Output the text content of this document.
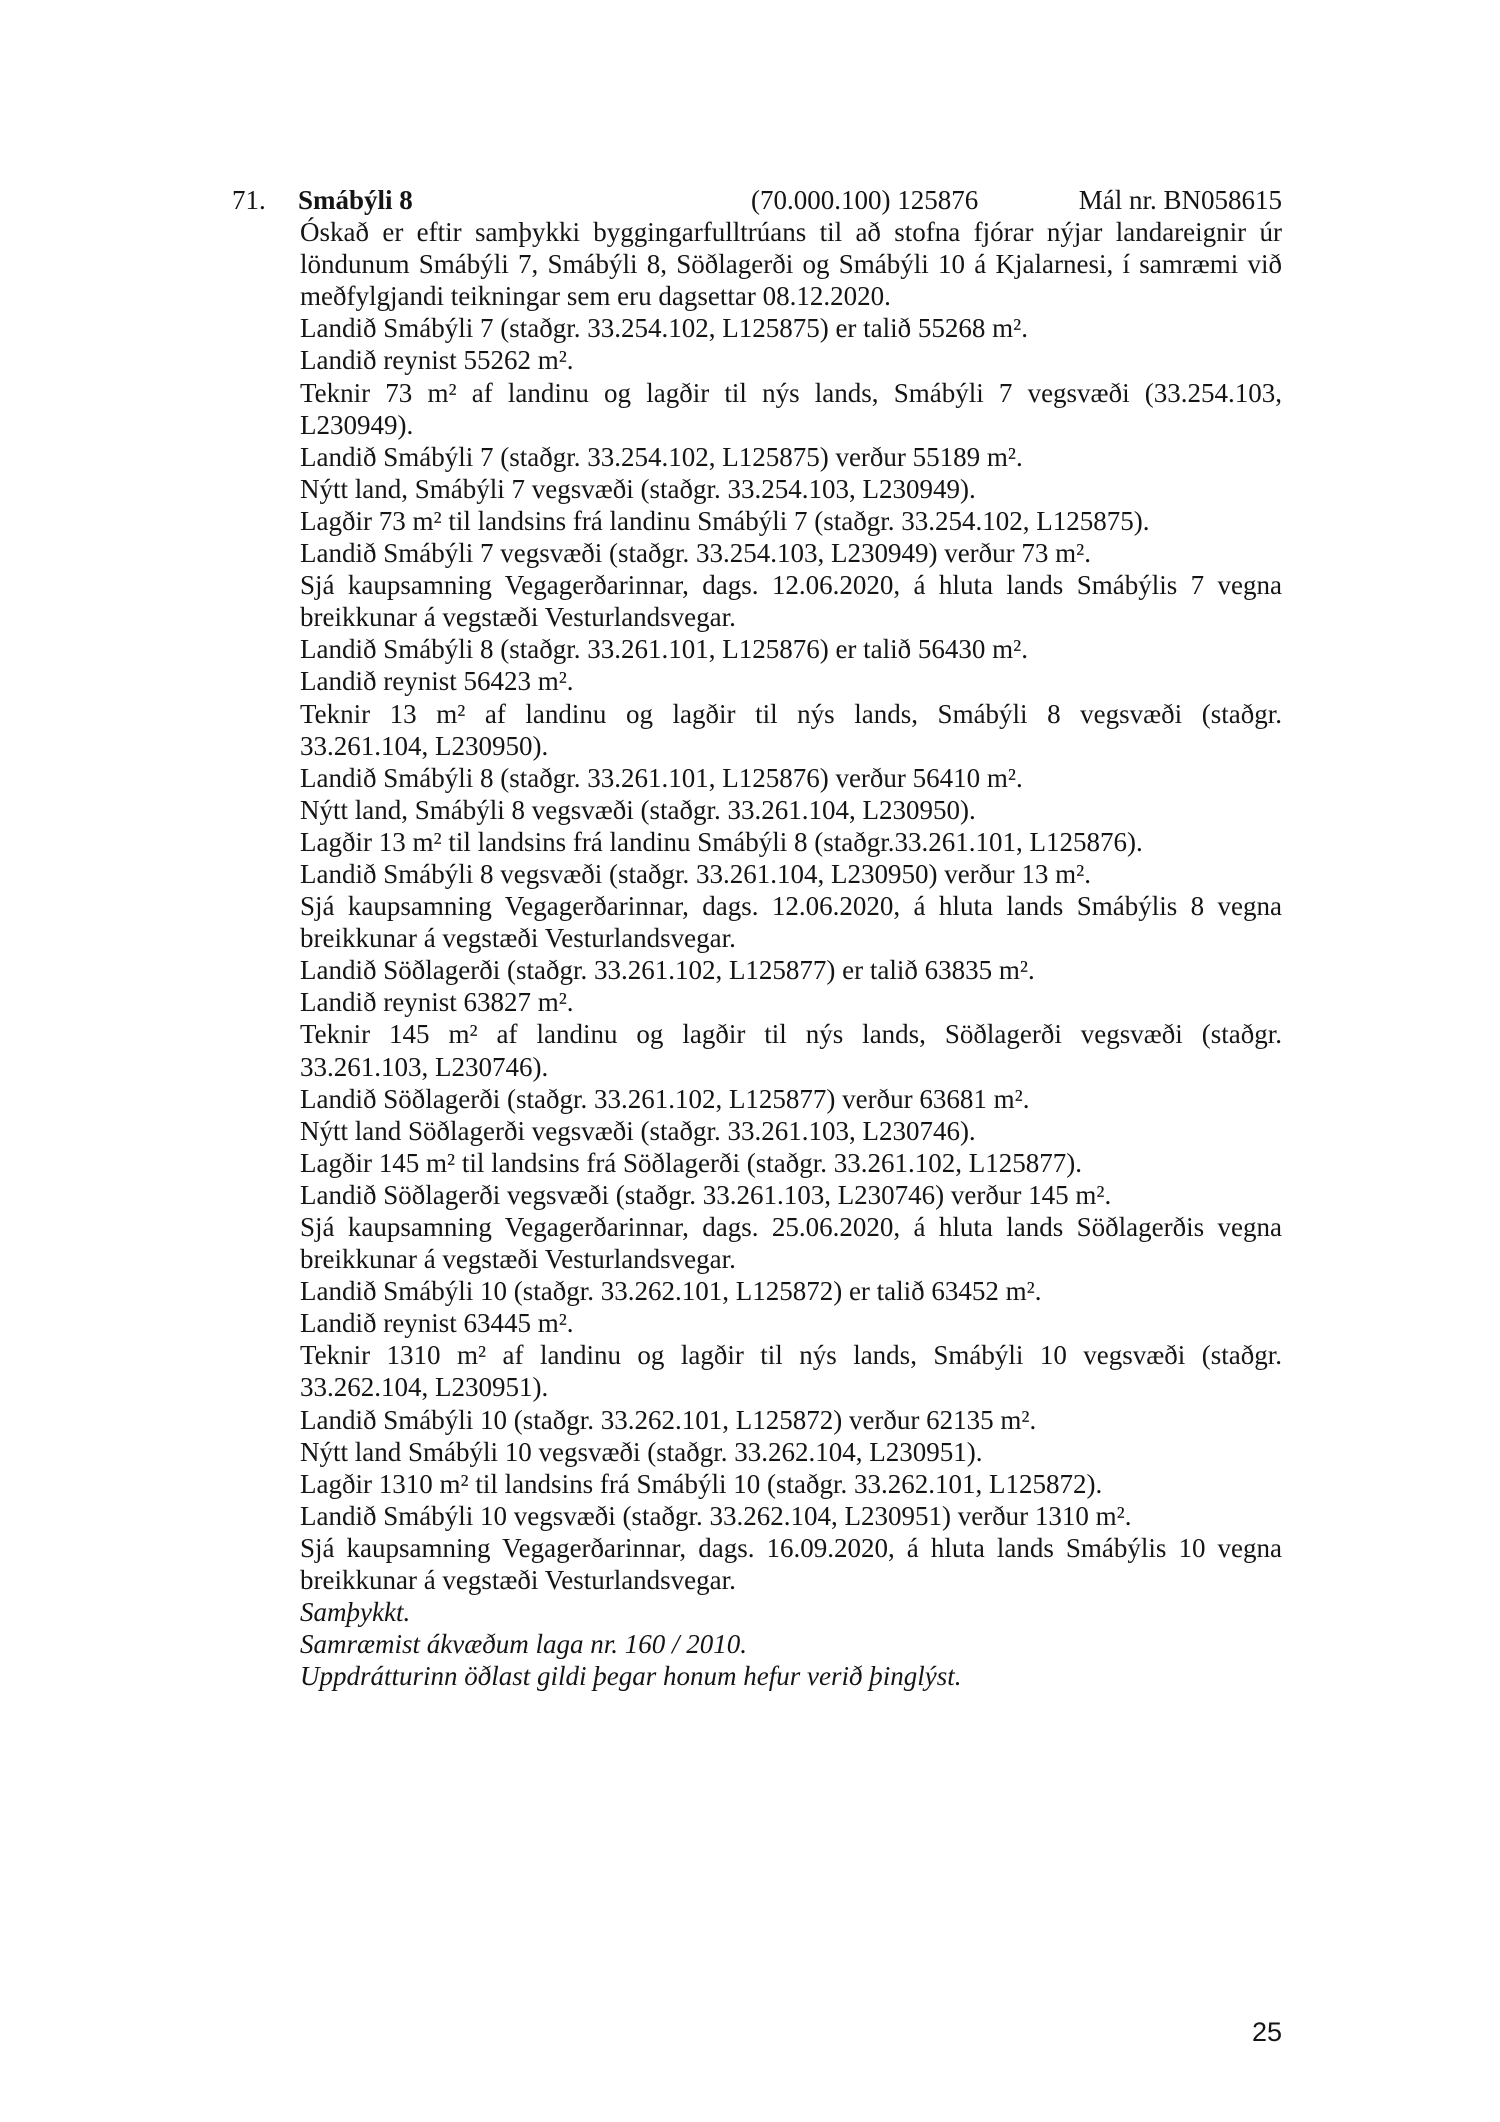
71. Smábýli 8	(70.000.100) 125876	Mál nr. BN058615
Óskað er eftir samþykki byggingarfulltrúans til að stofna fjórar nýjar landareignir úr
löndunum Smábýli 7, Smábýli 8, Söðlagerði og Smábýli 10 á Kjalarnesi, í samræmi við
meðfylgjandi teikningar sem eru dagsettar 08.12.2020.
Landið Smábýli 7 (staðgr. 33.254.102, L125875) er talið 55268 m².
Landið reynist 55262 m².
Teknir 73 m² af landinu og lagðir til nýs lands, Smábýli 7 vegsvæði (33.254.103,
L230949).
Landið Smábýli 7 (staðgr. 33.254.102, L125875) verður 55189 m².
Nýtt land, Smábýli 7 vegsvæði (staðgr. 33.254.103, L230949).
Lagðir 73 m² til landsins frá landinu Smábýli 7 (staðgr. 33.254.102, L125875).
Landið Smábýli 7 vegsvæði (staðgr. 33.254.103, L230949) verður 73 m².
Sjá kaupsamning Vegagerðarinnar, dags. 12.06.2020, á hluta lands Smábýlis 7 vegna
breikkunar á vegstæði Vesturlandsvegar.
Landið Smábýli 8 (staðgr. 33.261.101, L125876) er talið 56430 m².
Landið reynist 56423 m².
Teknir 13 m² af landinu og lagðir til nýs lands, Smábýli 8 vegsvæði (staðgr.
33.261.104, L230950).
Landið Smábýli 8 (staðgr. 33.261.101, L125876) verður 56410 m².
Nýtt land, Smábýli 8 vegsvæði (staðgr. 33.261.104, L230950).
Lagðir 13 m² til landsins frá landinu Smábýli 8 (staðgr.33.261.101, L125876).
Landið Smábýli 8 vegsvæði (staðgr. 33.261.104, L230950) verður 13 m².
Sjá kaupsamning Vegagerðarinnar, dags. 12.06.2020, á hluta lands Smábýlis 8 vegna
breikkunar á vegstæði Vesturlandsvegar.
Landið Söðlagerði (staðgr. 33.261.102, L125877) er talið 63835 m².
Landið reynist 63827 m².
Teknir 145 m² af landinu og lagðir til nýs lands, Söðlagerði vegsvæði (staðgr.
33.261.103, L230746).
Landið Söðlagerði (staðgr. 33.261.102, L125877) verður 63681 m².
Nýtt land Söðlagerði vegsvæði (staðgr. 33.261.103, L230746).
Lagðir 145 m² til landsins frá Söðlagerði (staðgr. 33.261.102, L125877).
Landið Söðlagerði vegsvæði (staðgr. 33.261.103, L230746) verður 145 m².
Sjá kaupsamning Vegagerðarinnar, dags. 25.06.2020, á hluta lands Söðlagerðis vegna
breikkunar á vegstæði Vesturlandsvegar.
Landið Smábýli 10 (staðgr. 33.262.101, L125872) er talið 63452 m².
Landið reynist 63445 m².
Teknir 1310 m² af landinu og lagðir til nýs lands, Smábýli 10 vegsvæði (staðgr.
33.262.104, L230951).
Landið Smábýli 10 (staðgr. 33.262.101, L125872) verður 62135 m².
Nýtt land Smábýli 10 vegsvæði (staðgr. 33.262.104, L230951).
Lagðir 1310 m² til landsins frá Smábýli 10 (staðgr. 33.262.101, L125872).
Landið Smábýli 10 vegsvæði (staðgr. 33.262.104, L230951) verður 1310 m².
Sjá kaupsamning Vegagerðarinnar, dags. 16.09.2020, á hluta lands Smábýlis 10 vegna
breikkunar á vegstæði Vesturlandsvegar.
Samþykkt.
Samræmist ákvæðum laga nr. 160 / 2010.
Uppdrátturinn öðlast gildi þegar honum hefur verið þinglýst.
25
